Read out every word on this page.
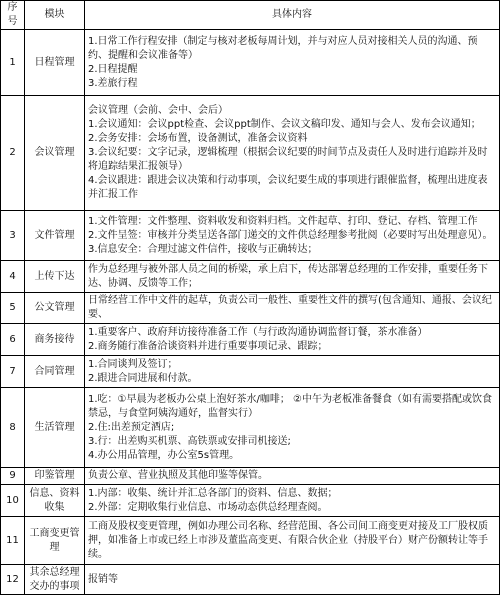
序号	模块	具体内容
1	日程管理	1.日常工作行程安排（制定与核对老板每周计划，并与对应人员对接相关人员的沟通、预约、提醒和会议准备等）
2.日程提醒
3.差旅行程

2	会议管理	会议管理（会前、会中、会后）
1.会议通知：会议ppt检查、会议ppt制作、会议文稿印发、通知与会人、发布会议通知；
2.会务安排：会场布置，设备测试，准备会议资料
3.会议纪要：文字记录，逻辑梳理（根据会议纪要的时间节点及责任人及时进行追踪并及时将追踪结果汇报领导）
4.会议跟进：跟进会议决策和行动事项，会议纪要生成的事项进行跟催监督，梳理出进度表并汇报工作

3	文件管理	1.文件管理：文件整理、资料收发和资料归档。文件起草、打印、登记、存档、管理工作
2.文件呈签：审核并分类呈送各部门递交的文件供总经理参考批阅（必要时写出处理意见）。
3.信息安全：合理过滤文件信件，接收与正确转达；

4	上传下达	作为总经理与被外部人员之间的桥梁，承上启下，传达部署总经理的工作安排，重要任务下达、协调、反馈等工作；

5	公文管理	日常经营工作中文件的起草，负责公司一般性、重要性文件的撰写(包含通知、通报、会议纪要、

6	商务接待	1.重要客户、政府拜访接待准备工作（与行政沟通协调监督订餐，茶水准备）
2.商务随行准备洽谈资料并进行重要事项记录、跟踪；

7	合同管理	1.合同谈判及签订；
2.跟进合同进展和付款。

8	生活管理	1.吃：①早晨为老板办公桌上泡好茶水/咖啡； ②中午为老板准备餐食（如有需要搭配或饮食禁忌，与食堂阿姨沟通好，监督实行）
2.住:出差预定酒店;
3.行：出差购买机票、高铁票或安排司机接送;
4.办公用品管理，办公室5s管理。

9	印鉴管理	负责公章、营业执照及其他印鉴等保管。

10	信息、资料收集	1.内部：收集、统计并汇总各部门的资料、信息、数据；
2.外部：定期收集行业信息、市场动态供总经理查阅。

11	工商变更管理	工商及股权变更管理，例如办理公司名称、经营范围、各公司间工商变更对接及工厂股权质押，如准备上市或已经上市涉及董监高变更、有限合伙企业（持股平台）财产份额转让等手续。

12	其余总经理交办的事项	报销等
